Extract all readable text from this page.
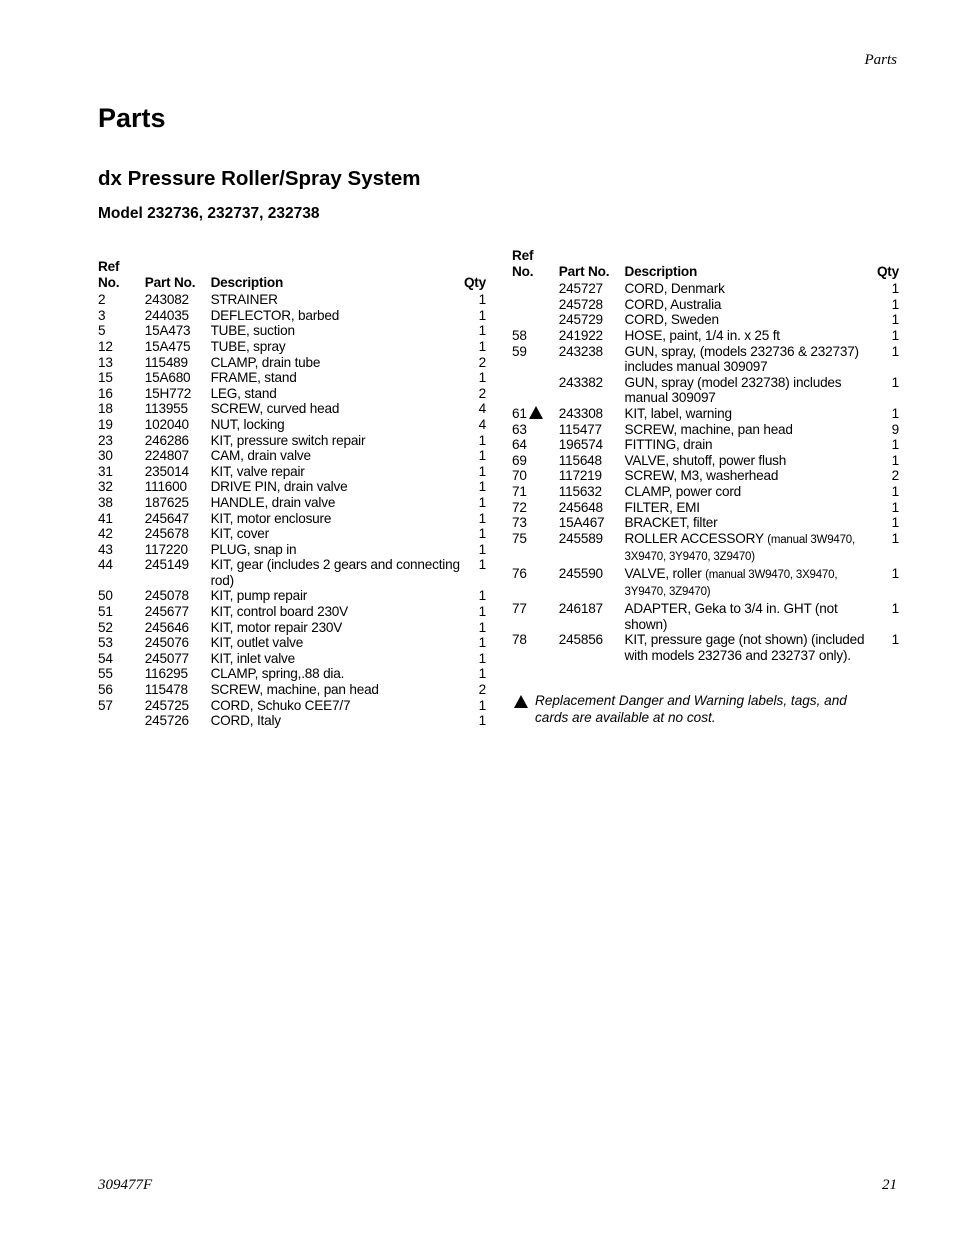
Parts
Parts
dx Pressure Roller/Spray System
Model 232736, 232737, 232738
Ref
No.	Part No.	Description	Qty
2	243082	STRAINER	1
3	244035	DEFLECTOR, barbed	1
5	15A473	TUBE, suction	1
12	15A475	TUBE, spray	1
13	115489	CLAMP, drain tube	2
15	15A680	FRAME, stand	1
16	15H772	LEG, stand	2
18	113955	SCREW, curved head	4
19	102040	NUT, locking	4
23	246286	KIT, pressure switch repair	1
30	224807	CAM, drain valve	1
31	235014	KIT, valve repair	1
32	111600	DRIVE PIN, drain valve	1
38	187625	HANDLE, drain valve	1
41	245647	KIT, motor enclosure	1
42	245678	KIT, cover	1
43	117220	PLUG, snap in	1
44	245149	KIT, gear (includes 2 gears and connecting rod)	1
50	245078	KIT, pump repair	1
51	245677	KIT, control board 230V	1
52	245646	KIT, motor repair 230V	1
53	245076	KIT, outlet valve	1
54	245077	KIT, inlet valve	1
55	116295	CLAMP, spring,.88 dia.	1
56	115478	SCREW, machine, pan head	2
57	245725	CORD, Schuko CEE7/7	1
	245726	CORD, Italy	1
Ref
No.	Part No.	Description	Qty
	245727	CORD, Denmark	1
	245728	CORD, Australia	1
	245729	CORD, Sweden	1
58	241922	HOSE, paint, 1/4 in. x 25 ft	1
59	243238	GUN, spray, (models 232736 & 232737) includes manual 309097	1
	243382	GUN, spray (model 232738) includes manual 309097	1
61	243308	KIT, label, warning	1
63	115477	SCREW, machine, pan head	9
64	196574	FITTING, drain	1
69	115648	VALVE, shutoff, power flush	1
70	117219	SCREW, M3, washerhead	2
71	115632	CLAMP, power cord	1
72	245648	FILTER, EMI	1
73	15A467	BRACKET, filter	1
75	245589	ROLLER ACCESSORY (manual 3W9470, 3X9470, 3Y9470, 3Z9470)	1
76	245590	VALVE, roller (manual 3W9470, 3X9470, 3Y9470, 3Z9470)	1
77	246187	ADAPTER, Geka to 3/4 in. GHT (not shown)	1
78	245856	KIT, pressure gage (not shown) (included with models 232736 and 232737 only).	1
Replacement Danger and Warning labels, tags, and cards are available at no cost.
309477F	21
